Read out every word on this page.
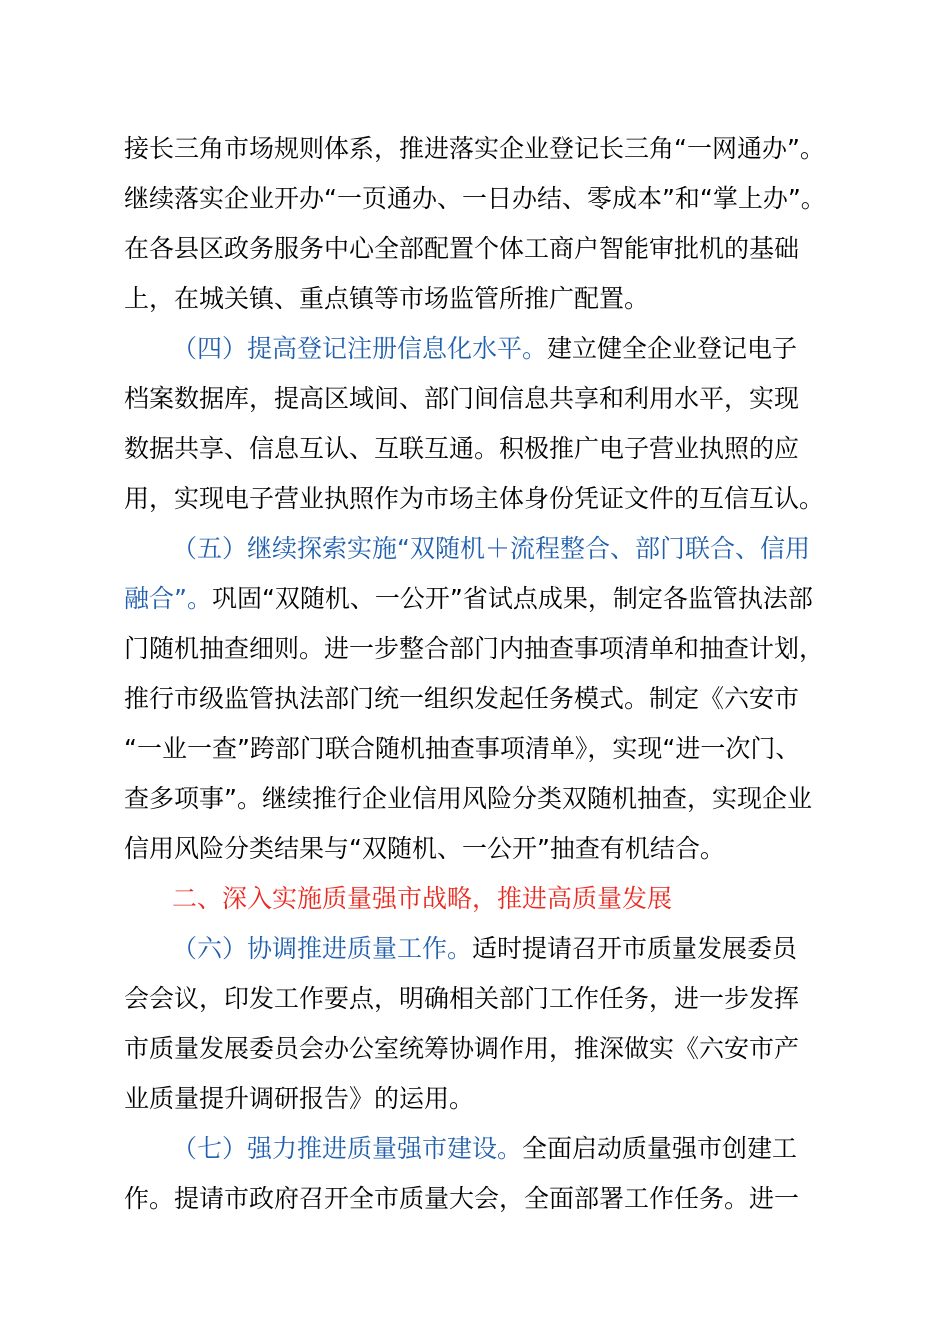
接长三角市场规则体系，推进落实企业登记长三角“一网通办”。
继续落实企业开办“一页通办、一日办结、零成本”和“掌上办”。
在各县区政务服务中心全部配置个体工商户智能审批机的基础
上，在城关镇、重点镇等市场监管所推广配置。
（四）提高登记注册信息化水平。建立健全企业登记电子
档案数据库，提高区域间、部门间信息共享和利用水平，实现
数据共享、信息互认、互联互通。积极推广电子营业执照的应
用，实现电子营业执照作为市场主体身份凭证文件的互信互认。
（五）继续探索实施“双随机＋流程整合、部门联合、信用
融合”。巩固“双随机、一公开”省试点成果，制定各监管执法部
门随机抽查细则。进一步整合部门内抽查事项清单和抽查计划，
推行市级监管执法部门统一组织发起任务模式。制定《六安市
“一业一查”跨部门联合随机抽查事项清单》，实现“进一次门、
查多项事”。继续推行企业信用风险分类双随机抽查，实现企业
信用风险分类结果与“双随机、一公开”抽查有机结合。
二、深入实施质量强市战略，推进高质量发展
（六）协调推进质量工作。适时提请召开市质量发展委员
会会议，印发工作要点，明确相关部门工作任务，进一步发挥
市质量发展委员会办公室统筹协调作用，推深做实《六安市产
业质量提升调研报告》的运用。
（七）强力推进质量强市建设。全面启动质量强市创建工
作。提请市政府召开全市质量大会，全面部署工作任务。进一
